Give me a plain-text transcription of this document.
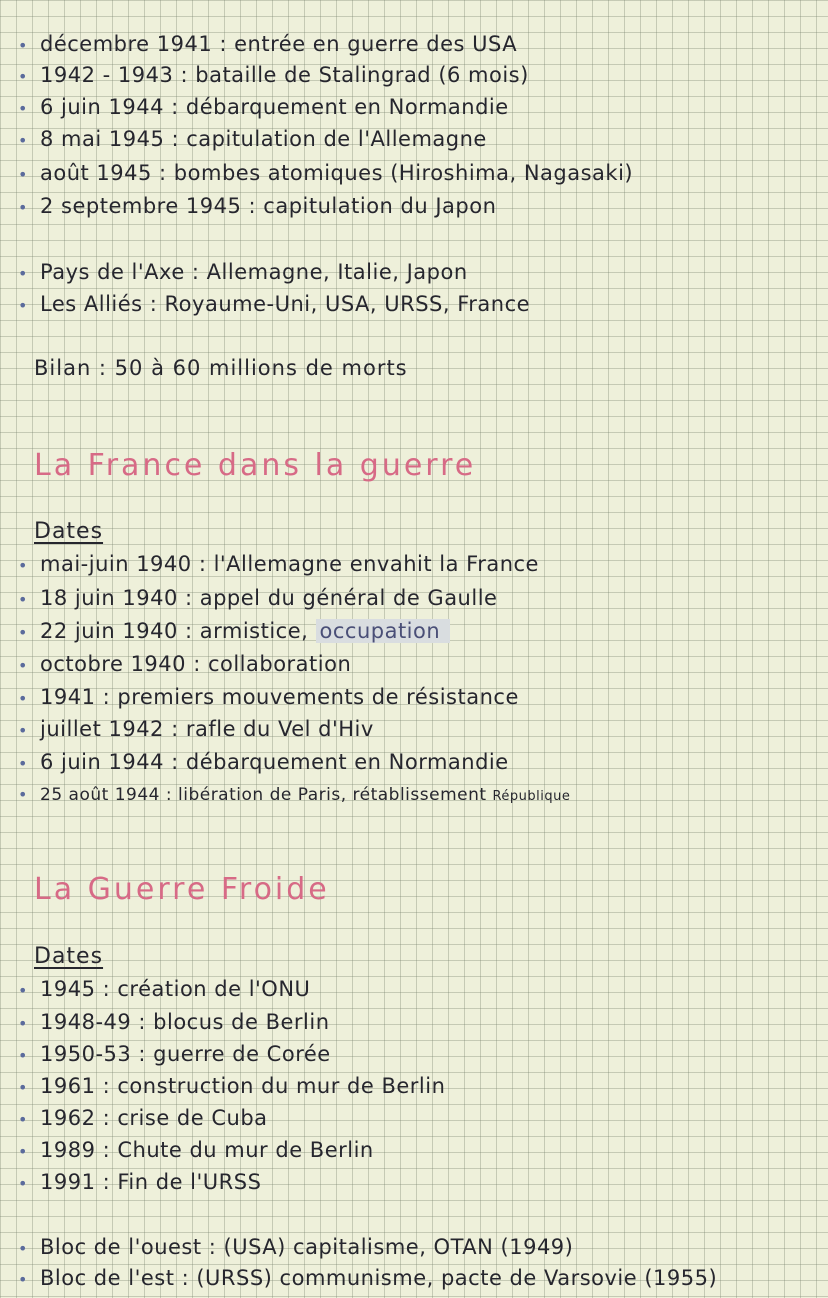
• décembre 1941 : entrée en guerre des USA
• 1942 - 1943 : bataille de Stalingrad (6 mois)
• 6 juin 1944 : débarquement en Normandie
• 8 mai 1945 : capitulation de l'Allemagne
• août 1945 : bombes atomiques (Hiroshima, Nagasaki)
• 2 septembre 1945 : capitulation du Japon
• Pays de l'Axe : Allemagne, Italie, Japon
• Les Alliés : Royaume-Uni, USA, URSS, France
Bilan : 50 à 60 millions de morts
La France dans la guerre
Dates
• mai-juin 1940 : l'Allemagne envahit la France
• 18 juin 1940 : appel du général de Gaulle
• 22 juin 1940 : armistice, occupation
• octobre 1940 : collaboration
• 1941 : premiers mouvements de résistance
• juillet 1942 : rafle du Vel d'Hiv
• 6 juin 1944 : débarquement en Normandie
• 25 août 1944 : libération de Paris, rétablissement République
La Guerre Froide
Dates
• 1945 : création de l'ONU
• 1948-49 : blocus de Berlin
• 1950-53 : guerre de Corée
• 1961 : construction du mur de Berlin
• 1962 : crise de Cuba
• 1989 : Chute du mur de Berlin
• 1991 : Fin de l'URSS
• Bloc de l'ouest : (USA) capitalisme, OTAN (1949)
• Bloc de l'est : (URSS) communisme, pacte de Varsovie (1955)
